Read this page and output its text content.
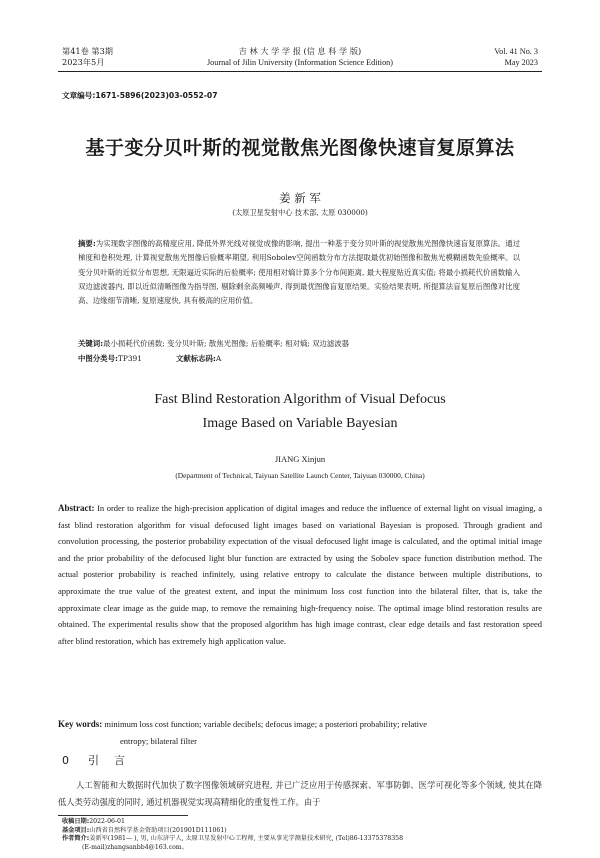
第41卷 第3期
2023年5月
吉 林 大 学 学 报 (信 息 科 学 版)
Journal of Jilin University (Information Science Edition)
Vol. 41 No. 3
May 2023
文章编号:1671-5896(2023)03-0552-07
基于变分贝叶斯的视觉散焦光图像快速盲复原算法
姜 新 军
(太原卫星发射中心 技术部, 太原 030000)
摘要:为实现数字图像的高精度应用, 降低外界光线对视觉成像的影响, 提出一种基于变分贝叶斯的视觉散焦光图像快速盲复原算法。通过梯度和卷积处理, 计算视觉散焦光图像后验概率期望, 利用Sobolev空间函数分布方法提取最优初始图像和散焦光模糊函数先验概率。以变分贝叶斯的近似分布思想, 无限逼近实际的后验概率; 使用相对熵计算多个分布间距离, 最大程度贴近真实值; 将最小损耗代价函数输入双边滤波器内, 即以近似清晰图像为指导图, 剔除剩余高频噪声, 得到最优图像盲复原结果。实验结果表明, 所提算法盲复原后图像对比度高、边缘细节清晰, 复原速度快, 具有极高的应用价值。
关键词:最小损耗代价函数; 变分贝叶斯; 散焦光图像; 后验概率; 相对熵; 双边滤波器
中图分类号:TP391	文献标志码:A
Fast Blind Restoration Algorithm of Visual Defocus
Image Based on Variable Bayesian
JIANG Xinjun
(Department of Technical, Taiyuan Satellite Launch Center, Taiyuan 030000, China)
Abstract: In order to realize the high-precision application of digital images and reduce the influence of external light on visual imaging, a fast blind restoration algorithm for visual defocused light images based on variational Bayesian is proposed. Through gradient and convolution processing, the posterior probability expectation of the visual defocused light image is calculated, and the optimal initial image and the prior probability of the defocused light blur function are extracted by using the Sobolev space function distribution method. The actual posterior probability is reached infinitely, using relative entropy to calculate the distance between multiple distributions, to approximate the true value of the greatest extent, and input the minimum loss cost function into the bilateral filter, that is, take the approximate clear image as the guide map, to remove the remaining high-frequency noise. The optimal image blind restoration results are obtained. The experimental results show that the proposed algorithm has high image contrast, clear edge details and fast restoration speed after blind restoration, which has extremely high application value.
Key words: minimum loss cost function; variable decibels; defocus image; a posteriori probability; relative
entropy; bilateral filter
0 引 言
人工智能和大数据时代加快了数字图像领域研究进程, 并已广泛应用于传感探索、军事防御、医学可视化等多个领域, 使其在降低人类劳动强度的同时, 通过机器视觉实现高精细化的重复性工作。由于
收稿日期:2022-06-01
基金项目:山西省自然科学基金资助项目(201901D111061)
作者简介:姜新军(1981— ), 男, 山东济宁人, 太原卫星发射中心工程师, 主要从事光学测量技术研究, (Tel)86-13375378358
(E-mail)zhangsanbb4@163.com。
